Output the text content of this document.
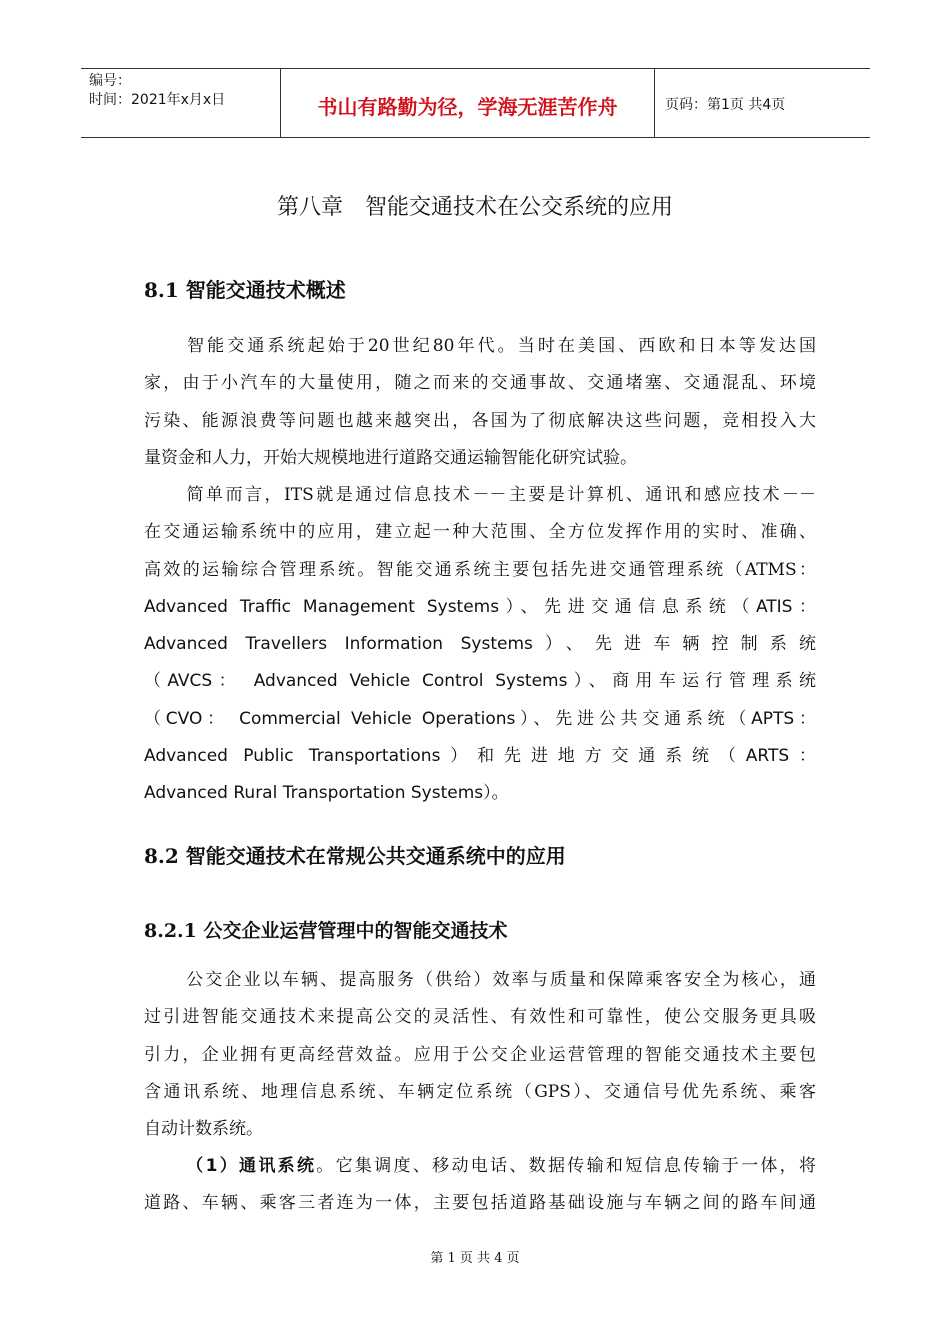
编号：
时间：2021年x月x日	书山有路勤为径，学海无涯苦作舟	页码：第1页 共4页
第八章 智能交通技术在公交系统的应用
8.1 智能交通技术概述
智能交通系统起始于20世纪80年代。当时在美国、西欧和日本等发达国
家，由于小汽车的大量使用，随之而来的交通事故、交通堵塞、交通混乱、环境
污染、能源浪费等问题也越来越突出，各国为了彻底解决这些问题，竞相投入大
量资金和人力，开始大规模地进行道路交通运输智能化研究试验。
简单而言，ITS就是通过信息技术－－主要是计算机、通讯和感应技术－－
在交通运输系统中的应用，建立起一种大范围、全方位发挥作用的实时、准确、
高效的运输综合管理系统。智能交通系统主要包括先进交通管理系统（ATMS：
Advanced Traffic Management Systems）、先进交通信息系统（ATIS：
Advanced Travellers Information Systems）、先进车辆控制系统
（AVCS： Advanced Vehicle Control Systems）、商用车运行管理系统
（CVO： Commercial Vehicle Operations）、先进公共交通系统（APTS：
Advanced Public Transportations）和先进地方交通系统（ARTS：
Advanced Rural Transportation Systems）。
8.2 智能交通技术在常规公共交通系统中的应用
8.2.1 公交企业运营管理中的智能交通技术
公交企业以车辆、提高服务（供给）效率与质量和保障乘客安全为核心，通
过引进智能交通技术来提高公交的灵活性、有效性和可靠性，使公交服务更具吸
引力，企业拥有更高经营效益。应用于公交企业运营管理的智能交通技术主要包
含通讯系统、地理信息系统、车辆定位系统（GPS）、交通信号优先系统、乘客
自动计数系统。
（1）通讯系统。它集调度、移动电话、数据传输和短信息传输于一体，将
道路、车辆、乘客三者连为一体，主要包括道路基础设施与车辆之间的路车间通
第 1 页 共 4 页
